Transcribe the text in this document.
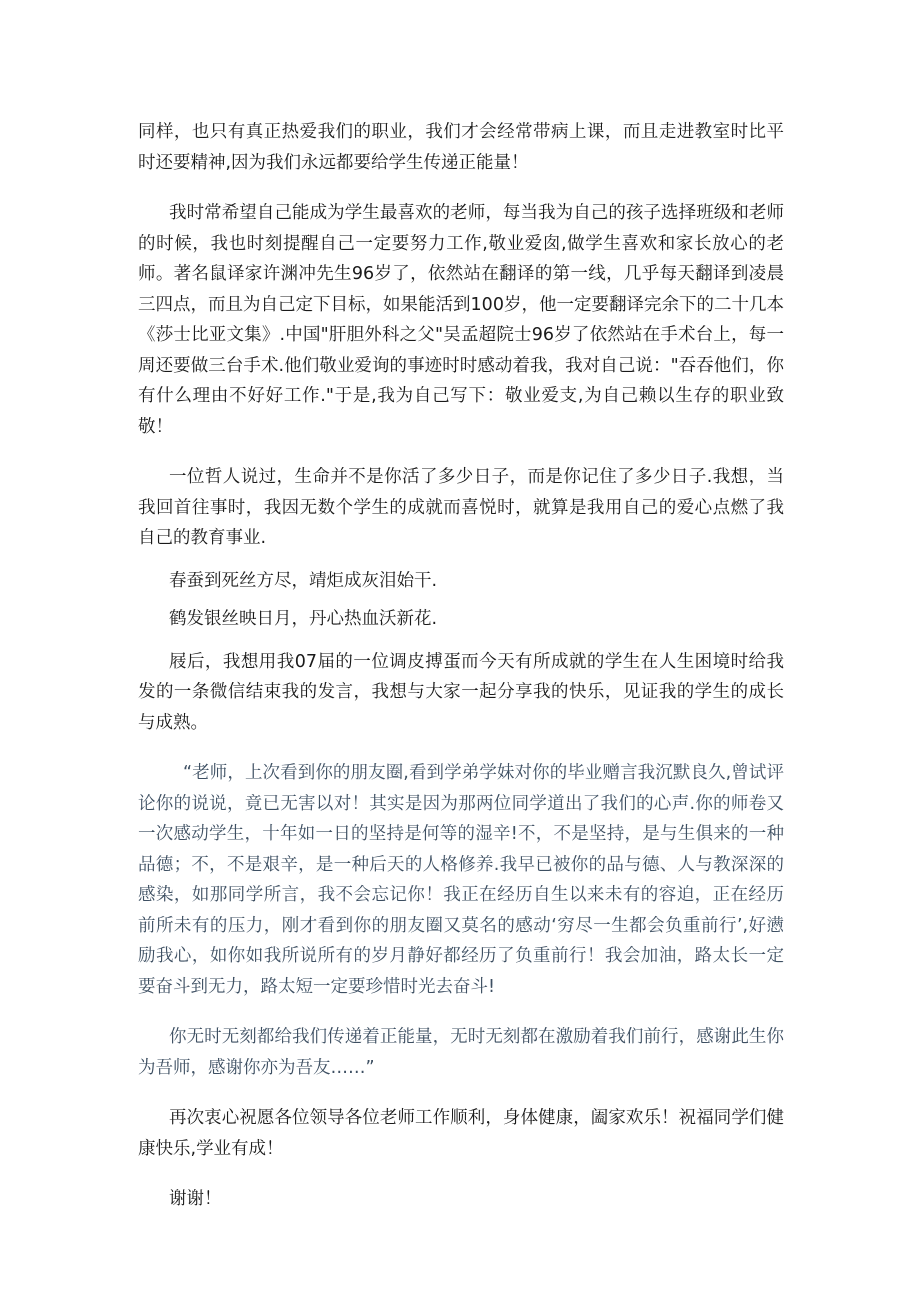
同样，也只有真正热爱我们的职业，我们才会经常带病上课，而且走进教室时比平时还要精神,因为我们永远都要给学生传递正能量！

我时常希望自己能成为学生最喜欢的老师，每当我为自己的孩子选择班级和老师的时候，我也时刻提醒自己一定要努力工作,敬业爱囱,做学生喜欢和家长放心的老师。著名鼠译家许渊冲先生96岁了，依然站在翻译的第一线，几乎每天翻译到凌晨三四点，而且为自己定下目标，如果能活到100岁，他一定要翻译完余下的二十几本《莎士比亚文集》.中国"肝胆外科之父"吴孟超院士96岁了依然站在手术台上，每一周还要做三台手术.他们敬业爱询的事迹时时感动着我，我对自己说："吞吞他们，你有什么理由不好好工作."于是,我为自己写下：敬业爱支,为自己赖以生存的职业致敬！

一位哲人说过，生命并不是你活了多少日子，而是你记住了多少日子.我想，当我回首往事时，我因无数个学生的成就而喜悦时，就算是我用自己的爱心点燃了我自己的教育事业.

春蚕到死丝方尽，靖炬成灰泪始干.

鹤发银丝映日月，丹心热血沃新花.

屐后，我想用我07届的一位调皮搏蛋而今天有所成就的学生在人生困境时给我发的一条微信结束我的发言，我想与大家一起分享我的快乐，见证我的学生的成长与成熟。

“老师，上次看到你的朋友圈,看到学弟学妹对你的毕业赠言我沉默良久,曾试评论你的说说，竟已无害以对！其实是因为那两位同学道出了我们的心声.你的师卷又一次感动学生，十年如一日的坚持是何等的湿辛!不，不是坚持，是与生俱来的一种品德；不，不是艰辛，是一种后天的人格修养.我早已被你的品与德、人与教深深的感染，如那同学所言，我不会忘记你！我正在经历自生以来未有的容迫，正在经历前所未有的压力，刚才看到你的朋友圈又莫名的感动‘穷尽一生都会负重前行’,好懑励我心，如你如我所说所有的岁月静好都经历了负重前行！我会加油，路太长一定要奋斗到无力，路太短一定要珍惜时光去奋斗!

你无时无刻都给我们传递着正能量，无时无刻都在激励着我们前行，感谢此生你为吾师，感谢你亦为吾友……”

再次衷心祝愿各位领导各位老师工作顺利，身体健康，阖家欢乐！祝福同学们健康快乐,学业有成！

谢谢！
